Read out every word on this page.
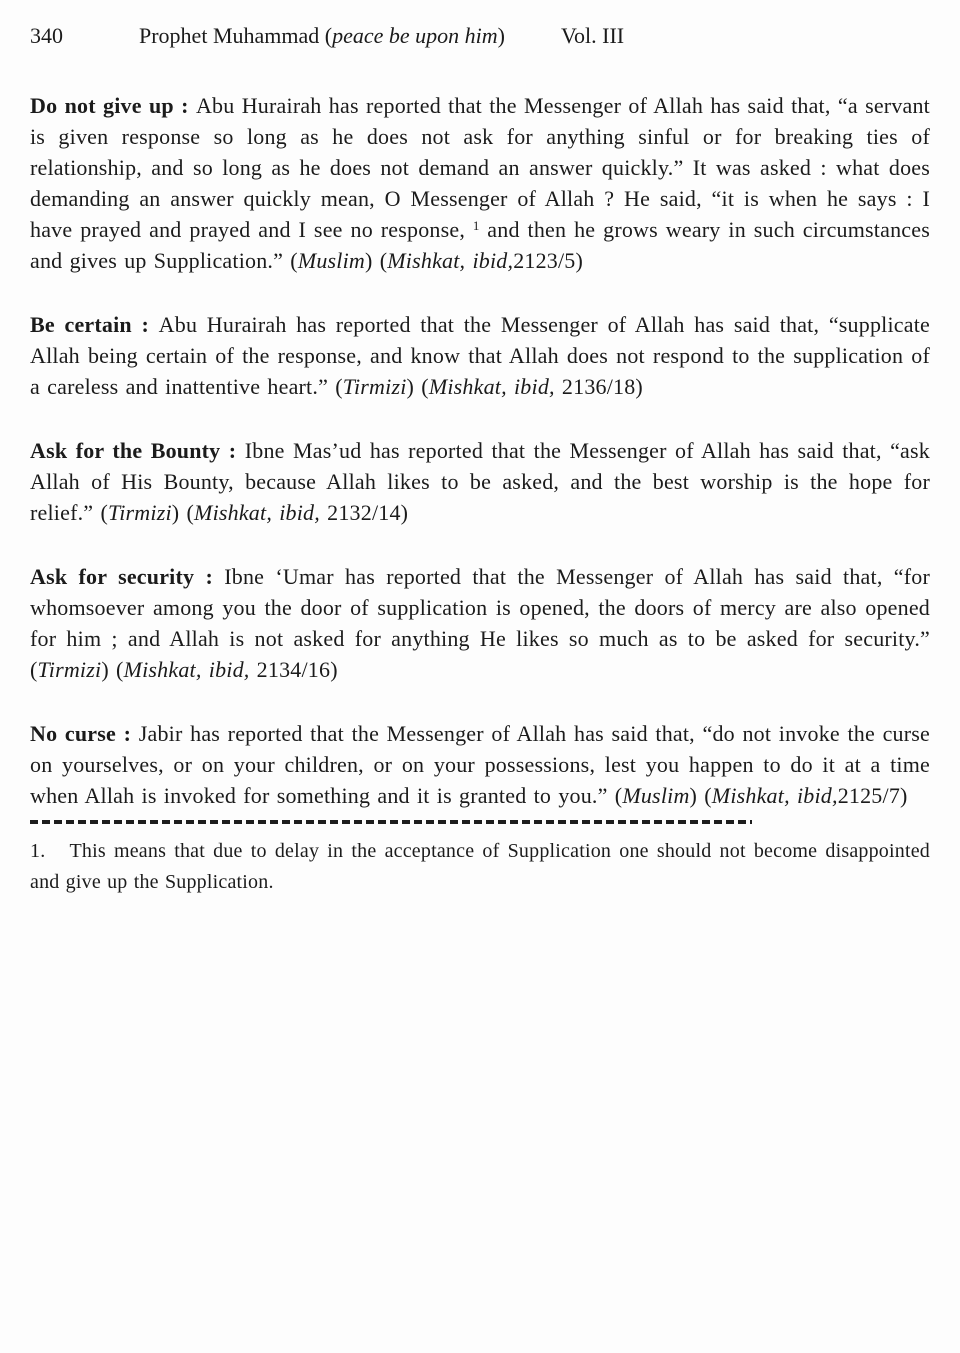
340	Prophet Muhammad (peace be upon him)	Vol. III

Do not give up : Abu Hurairah has reported that the Messenger of Allah has said that, “a servant is given response so long as he does not ask for anything sinful or for breaking ties of relationship, and so long as he does not demand an answer quickly.” It was asked : what does demanding an answer quickly mean, O Messenger of Allah ? He said, “it is when he says : I have prayed and prayed and I see no response, $^1$ and then he grows weary in such circumstances and gives up Supplication.” (Muslim) (Mishkat, ibid,2123/5)

Be certain : Abu Hurairah has reported that the Messenger of Allah has said that, “supplicate Allah being certain of the response, and know that Allah does not respond to the supplication of a careless and inattentive heart.” (Tirmizi) (Mishkat, ibid, 2136/18)

Ask for the Bounty : Ibne Mas’ud has reported that the Messenger of Allah has said that, “ask Allah of His Bounty, because Allah likes to be asked, and the best worship is the hope for relief.” (Tirmizi) (Mishkat, ibid, 2132/14)

Ask for security : Ibne ‘Umar has reported that the Messenger of Allah has said that, “for whomsoever among you the door of supplication is opened, the doors of mercy are also opened for him ; and Allah is not asked for anything He likes so much as to be asked for security.” (Tirmizi) (Mishkat, ibid, 2134/16)

No curse : Jabir has reported that the Messenger of Allah has said that, “do not invoke the curse on yourselves, or on your children, or on your possessions, lest you happen to do it at a time when Allah is invoked for something and it is granted to you.” (Muslim) (Mishkat, ibid,2125/7)

1.   This means that due to delay in the acceptance of Supplication one should not become disappointed and give up the Supplication.
